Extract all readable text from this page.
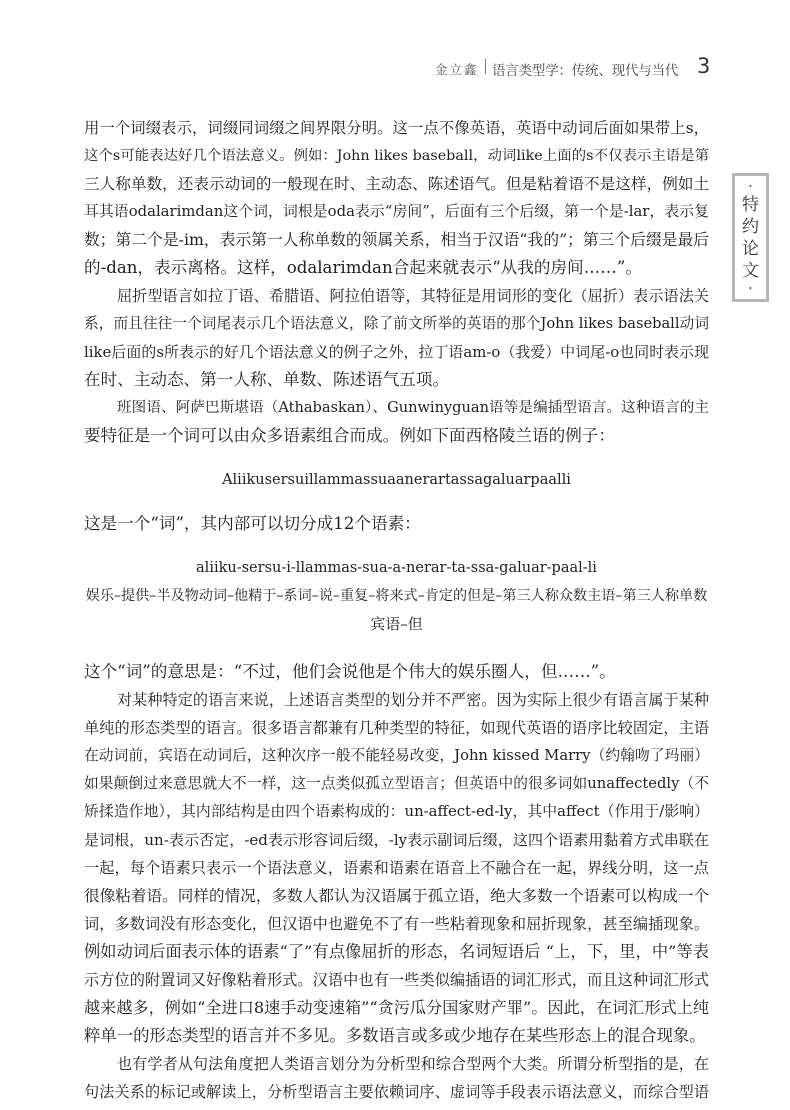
金立鑫 语言类型学：传统、现代与当代 3
·
特
约
论
文
·
用一个词缀表示，词缀同词缀之间界限分明。这一点不像英语，英语中动词后面如果带上s，
这个s可能表达好几个语法意义。例如：John likes baseball，动词like上面的s不仅表示主语是第
三人称单数，还表示动词的一般现在时、主动态、陈述语气。但是粘着语不是这样，例如土
耳其语odalarimdan这个词，词根是oda表示“房间”，后面有三个后缀，第一个是-lar，表示复
数；第二个是-im，表示第一人称单数的领属关系，相当于汉语“我的”；第三个后缀是最后
的-dan，表示离格。这样，odalarimdan合起来就表示“从我的房间……”。
屈折型语言如拉丁语、希腊语、阿拉伯语等，其特征是用词形的变化（屈折）表示语法关
系，而且往往一个词尾表示几个语法意义，除了前文所举的英语的那个John likes baseball动词
like后面的s所表示的好几个语法意义的例子之外，拉丁语am-o（我爱）中词尾-o也同时表示现
在时、主动态、第一人称、单数、陈述语气五项。
班图语、阿萨巴斯堪语（Athabaskan）、Gunwinyguan语等是编插型语言。这种语言的主
要特征是一个词可以由众多语素组合而成。例如下面西格陵兰语的例子：
Aliikusersuillammassuaanerartassagaluarpaalli
这是一个“词”，其内部可以切分成12个语素：
aliiku-sersu-i-llammas-sua-a-nerar-ta-ssa-galuar-paal-li
娱乐–提供–半及物动词–他精于–系词–说–重复–将来式–肯定的但是–第三人称众数主语–第三人称单数
宾语–但
这个“词”的意思是：“不过，他们会说他是个伟大的娱乐圈人，但……”。
对某种特定的语言来说，上述语言类型的划分并不严密。因为实际上很少有语言属于某种
单纯的形态类型的语言。很多语言都兼有几种类型的特征，如现代英语的语序比较固定，主语
在动词前，宾语在动词后，这种次序一般不能轻易改变，John kissed Marry（约翰吻了玛丽）
如果颠倒过来意思就大不一样，这一点类似孤立型语言；但英语中的很多词如unaffectedly（不
矫揉造作地），其内部结构是由四个语素构成的：un-affect-ed-ly，其中affect（作用于/影响）
是词根，un-表示否定，-ed表示形容词后缀，-ly表示副词后缀，这四个语素用黏着方式串联在
一起，每个语素只表示一个语法意义，语素和语素在语音上不融合在一起，界线分明，这一点
很像粘着语。同样的情况，多数人都认为汉语属于孤立语，绝大多数一个语素可以构成一个
词，多数词没有形态变化，但汉语中也避免不了有一些粘着现象和屈折现象，甚至编插现象。
例如动词后面表示体的语素“了”有点像屈折的形态，名词短语后 “上，下，里，中”等表
示方位的附置词又好像粘着形式。汉语中也有一些类似编插语的词汇形式，而且这种词汇形式
越来越多，例如“全进口8速手动变速箱”“贪污瓜分国家财产罪”。因此，在词汇形式上纯
粹单一的形态类型的语言并不多见。多数语言或多或少地存在某些形态上的混合现象。
也有学者从句法角度把人类语言划分为分析型和综合型两个大类。所谓分析型指的是，在
句法关系的标记或解读上，分析型语言主要依赖词序、虚词等手段表示语法意义，而综合型语
